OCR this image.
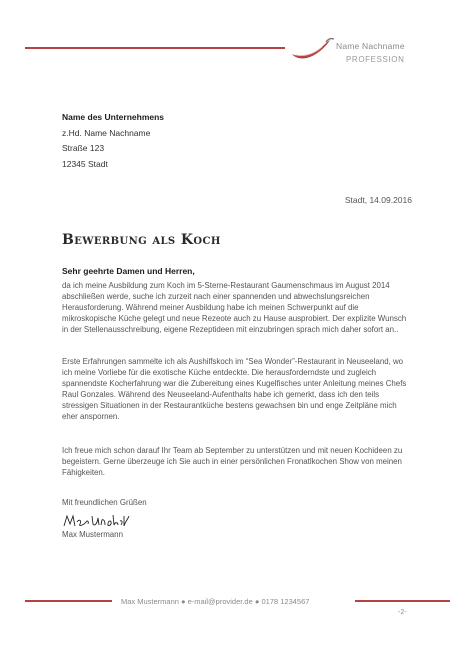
Name Nachname
PROFESSION
Name des Unternehmens
z.Hd. Name Nachname
Straße 123
12345 Stadt
Stadt, 14.09.2016
Bewerbung als Koch
Sehr geehrte Damen und Herren,

da ich meine Ausbildung zum Koch im 5-Sterne-Restaurant Gaumenschmaus im August 2014 abschließen werde, suche ich zurzeit nach einer spannenden und abwechslungsreichen Herausforderung. Während meiner Ausbildung habe ich meinen Schwerpunkt auf die mikroskopische Küche gelegt und neue Rezeote auch zu Hause ausprobiert. Der explizite Wunsch in der Stellenausschreibung, eigene Rezeptideen mit einzubringen sprach mich daher sofort an..

Erste Erfahrungen sammelte ich als Aushilfskoch im “Sea Wonder”-Restaurant in Neuseeland, wo ich meine Vorliebe für die exotische Küche entdeckte. Die herausforderndste und zugleich spannendste Kocherfahrung war die Zubereitung eines Kugelfisches unter Anleitung meines Chefs Raul Gonzales. Während des Neuseeland-Aufenthalts habe ich gemerkt, dass ich den teils stressigen Situationen in der Restaurantküche bestens gewachsen bin und enge Zeitpläne mich eher anspornen.

Ich freue mich schon darauf Ihr Team ab September zu unterstützen und mit neuen Kochideen zu begeistern. Gerne überzeuge ich Sie auch in einer persönlichen Fronatlkochen Show von meinen Fähigkeiten.

Mit freundlichen Grüßen
Max Mustermann
Max Mustermann ● e-mail@provider.de ● 0178 1234567
-2-
